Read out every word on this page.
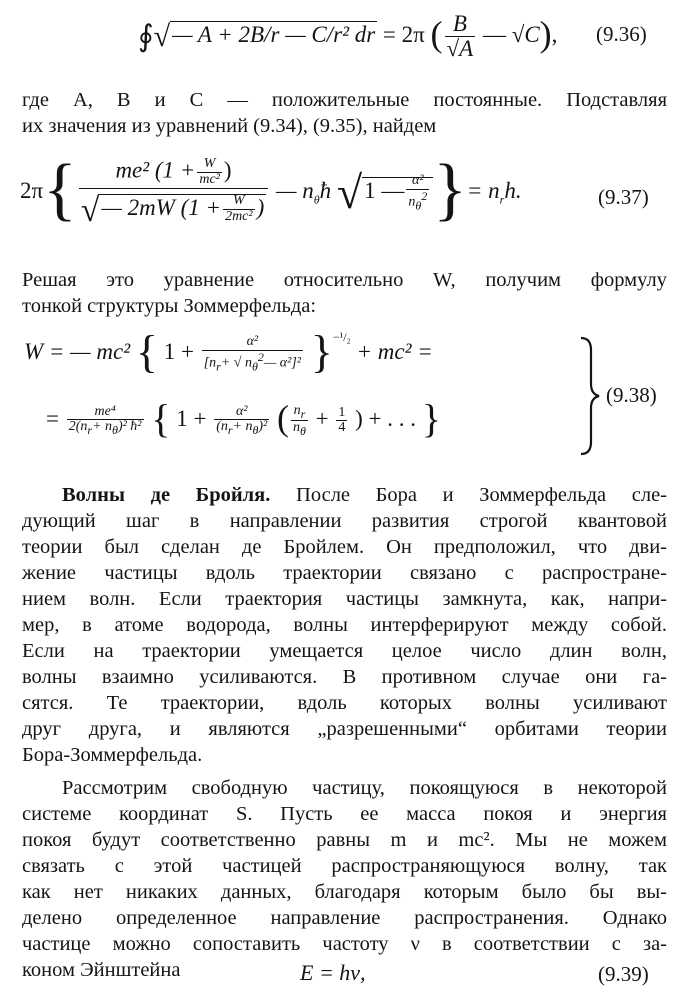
∮√— A + 2B/r — C/r² dr = 2π ( $\frac{B}{√A}$ — √C), (9.36)
где A, B и C — положительные постоянные. Подставляя
их значения из уравнений (9.34), (9.35), найдем
$2\pi\{ \frac{me^2 (1 + \frac{W}{\text{mc²}} )}{√— 2mW (1 + \frac{W}{\text{2mc²}} )}$ — $n_\theta ħ$ √1 — $\frac{\text{α²}}{n_\theta^2}$ }= $n_rh$.	(9.37)
Решая это уравнение относительно W, получим формулу
тонкой структуры Зоммерфельда:
W = — mc² { $1 + \frac{\text{α²}}{[n_r+ √ n_\theta^2— \alpha^2]^2} \}^{-^1/_2} + mc^2$ =
= $\frac{\text{me⁴}}{2(n_r+ n_\theta)^2 ħ^2}$ { $1 + \frac{\text{α²}}{(n_r+ n_\theta)^2}$ ( $\frac{n_r}{n_\theta} + \frac{1}{4}$ ) + . . . }
(9.38)
Волны де Бройля. После Бора и Зоммерфельда сле-
дующий шаг в направлении развития строгой квантовой
теории был сделан де Бройлем. Он предположил, что дви-
жение частицы вдоль траектории связано с распростране-
нием волн. Если траектория частицы замкнута, как, напри-
мер, в атоме водорода, волны интерферируют между собой.
Если на траектории умещается целое число длин волн,
волны взаимно усиливаются. В противном случае они га-
сятся. Те траектории, вдоль которых волны усиливают
друг друга, и являются „разрешенными“ орбитами теории
Бора-Зоммерфельда.
Рассмотрим свободную частицу, покоящуюся в некоторой
системе координат S. Пусть ее масса покоя и энергия
покоя будут соответственно равны m и mc². Мы не можем
связать с этой частицей распространяющуюся волну, так
как нет никаких данных, благодаря которым было бы вы-
делено определенное направление распространения. Однако
частице можно сопоставить частоту ν в соответствии с за-
коном Эйнштейна	E = hν,	(9.39)
